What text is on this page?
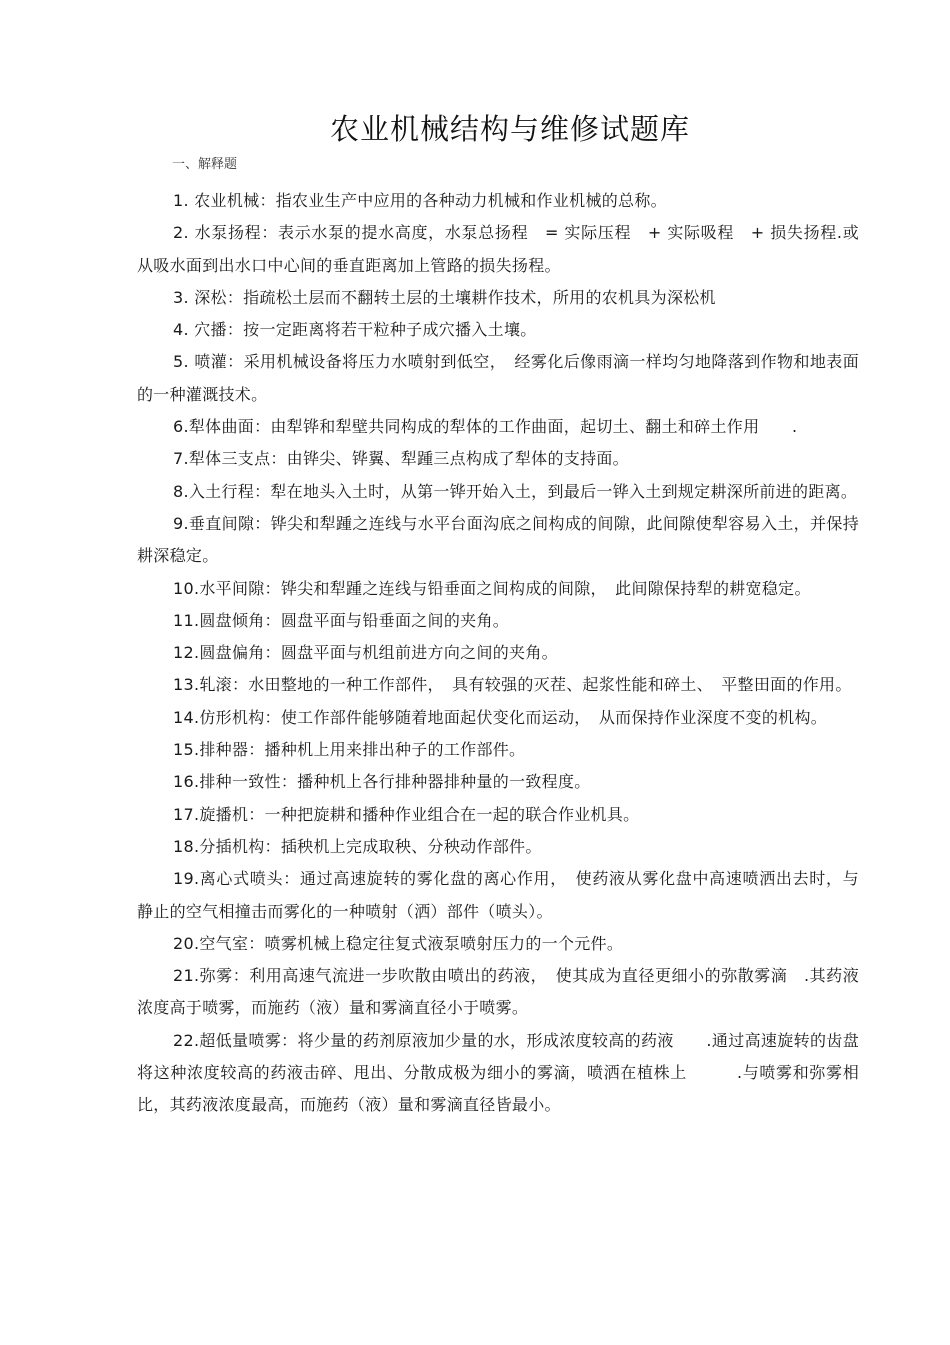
农业机械结构与维修试题库
一、解释题

1. 农业机械：指农业生产中应用的各种动力机械和作业机械的总称。

2. 水泵扬程：表示水泵的提水高度，水泵总扬程　= 实际压程　+ 实际吸程　+ 损失扬程.或从吸水面到出水口中心间的垂直距离加上管路的损失扬程。

3. 深松：指疏松土层而不翻转土层的土壤耕作技术，所用的农机具为深松机

4. 穴播：按一定距离将若干粒种子成穴播入土壤。

5. 喷灌：采用机械设备将压力水喷射到低空，　经雾化后像雨滴一样均匀地降落到作物和地表面的一种灌溉技术。

6.犁体曲面：由犁铧和犁壁共同构成的犁体的工作曲面，起切土、翻土和碎土作用　　.

7.犁体三支点：由铧尖、铧翼、犁踵三点构成了犁体的支持面。

8.入土行程：犁在地头入土时，从第一铧开始入土，到最后一铧入土到规定耕深所前进的距离。

9.垂直间隙：铧尖和犁踵之连线与水平台面沟底之间构成的间隙，此间隙使犁容易入土，并保持耕深稳定。

10.水平间隙：铧尖和犁踵之连线与铅垂面之间构成的间隙，　此间隙保持犁的耕宽稳定。

11.圆盘倾角：圆盘平面与铅垂面之间的夹角。

12.圆盘偏角：圆盘平面与机组前进方向之间的夹角。

13.轧滚：水田整地的一种工作部件，　具有较强的灭茬、起浆性能和碎土、　平整田面的作用。

14.仿形机构：使工作部件能够随着地面起伏变化而运动，　从而保持作业深度不变的机构。

15.排种器：播种机上用来排出种子的工作部件。

16.排种一致性：播种机上各行排种器排种量的一致程度。

17.旋播机：一种把旋耕和播种作业组合在一起的联合作业机具。

18.分插机构：插秧机上完成取秧、分秧动作部件。

19.离心式喷头：通过高速旋转的雾化盘的离心作用，　使药液从雾化盘中高速喷洒出去时，与静止的空气相撞击而雾化的一种喷射（洒）部件（喷头）。

20.空气室：喷雾机械上稳定往复式液泵喷射压力的一个元件。

21.弥雾：利用高速气流进一步吹散由喷出的药液，　使其成为直径更细小的弥散雾滴　.其药液浓度高于喷雾，而施药（液）量和雾滴直径小于喷雾。

22.超低量喷雾：将少量的药剂原液加少量的水，形成浓度较高的药液　　.通过高速旋转的齿盘将这种浓度较高的药液击碎、甩出、分散成极为细小的雾滴，喷洒在植株上　　　.与喷雾和弥雾相比，其药液浓度最高，而施药（液）量和雾滴直径皆最小。
